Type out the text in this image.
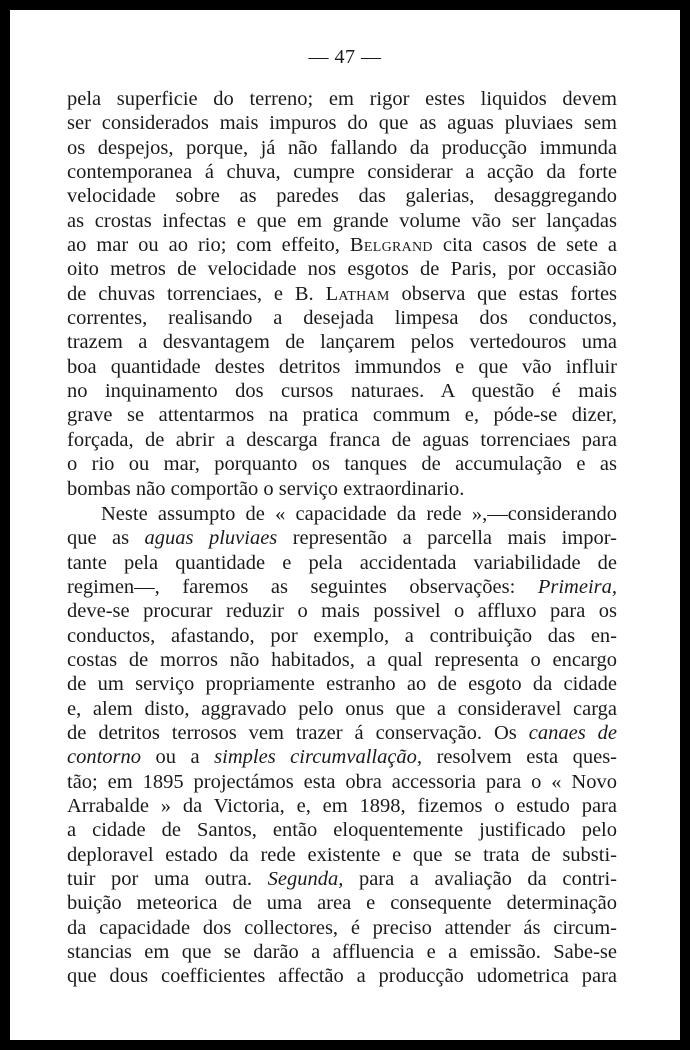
— 47 —
pela superficie do terreno; em rigor estes liquidos devem
ser considerados mais impuros do que as aguas pluviaes sem
os despejos, porque, já não fallando da producção immunda
contemporanea á chuva, cumpre considerar a acção da forte
velocidade sobre as paredes das galerias, desaggregando
as crostas infectas e que em grande volume vão ser lançadas
ao mar ou ao rio; com effeito, Belgrand cita casos de sete a
oito metros de velocidade nos esgotos de Paris, por occasião
de chuvas torrenciaes, e B. Latham observa que estas fortes
correntes, realisando a desejada limpesa dos conductos,
trazem a desvantagem de lançarem pelos vertedouros uma
boa quantidade destes detritos immundos e que vão influir
no inquinamento dos cursos naturaes. A questão é mais
grave se attentarmos na pratica commum e, póde-se dizer,
forçada, de abrir a descarga franca de aguas torrenciaes para
o rio ou mar, porquanto os tanques de accumulação e as
bombas não comportão o serviço extraordinario.
Neste assumpto de « capacidade da rede »,—considerando
que as aguas pluviaes representão a parcella mais impor-
tante pela quantidade e pela accidentada variabilidade de
regimen—, faremos as seguintes observações: Primeira,
deve-se procurar reduzir o mais possivel o affluxo para os
conductos, afastando, por exemplo, a contribuição das en-
costas de morros não habitados, a qual representa o encargo
de um serviço propriamente estranho ao de esgoto da cidade
e, alem disto, aggravado pelo onus que a consideravel carga
de detritos terrosos vem trazer á conservação. Os canaes de
contorno ou a simples circumvallação, resolvem esta ques-
tão; em 1895 projectámos esta obra accessoria para o « Novo
Arrabalde » da Victoria, e, em 1898, fizemos o estudo para
a cidade de Santos, então eloquentemente justificado pelo
deploravel estado da rede existente e que se trata de substi-
tuir por uma outra. Segunda, para a avaliação da contri-
buição meteorica de uma area e consequente determinação
da capacidade dos collectores, é preciso attender ás circum-
stancias em que se darão a affluencia e a emissão. Sabe-se
que dous coefficientes affectão a producção udometrica para
